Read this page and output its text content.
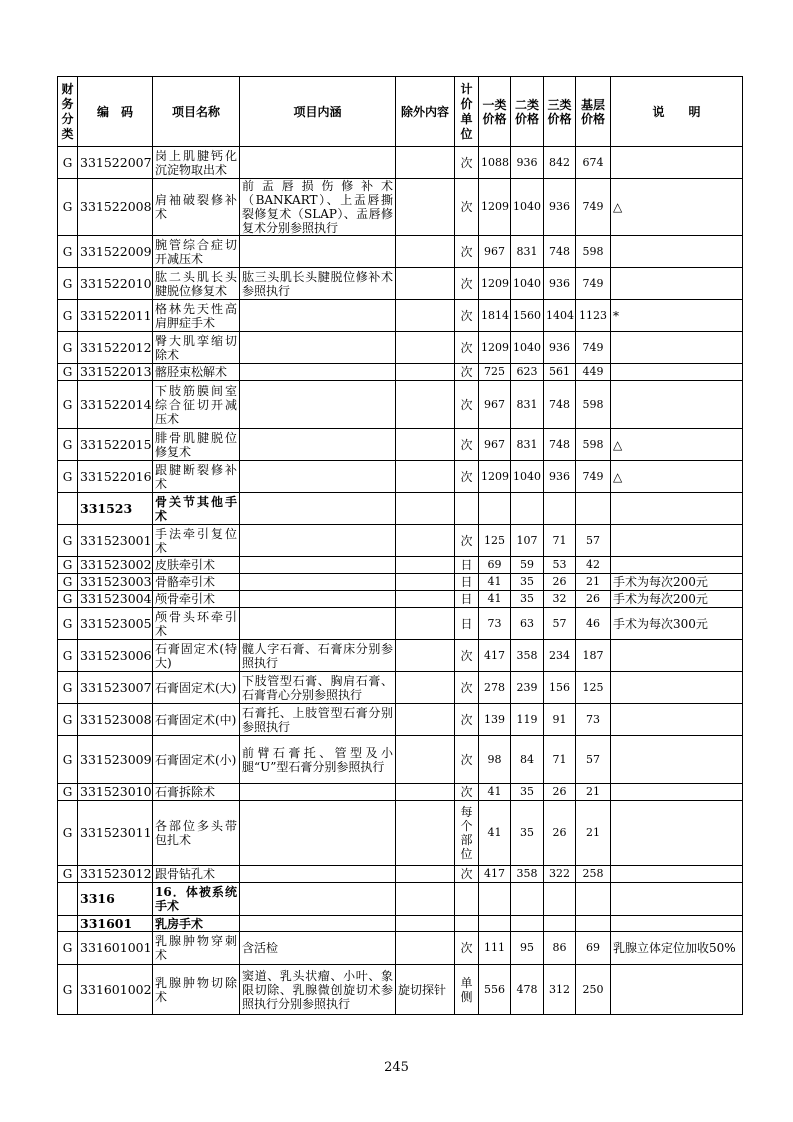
财务分类	编　码	项目名称	项目内涵	除外内容	计价单位	一类价格	二类价格	三类价格	基层价格	说　　明
G	331522007	岗上肌腱钙化沉淀物取出术			次	1088	936	842	674	
G	331522008	肩袖破裂修补术	前盂唇损伤修补术（BANKART）、上盂唇撕裂修复术（SLAP）、盂唇修复术分别参照执行		次	1209	1040	936	749	△
G	331522009	腕管综合症切开减压术			次	967	831	748	598	
G	331522010	肱二头肌长头腱脱位修复术	肱三头肌长头腱脱位修补术参照执行		次	1209	1040	936	749	
G	331522011	格林先天性高肩胛症手术			次	1814	1560	1404	1123	*
G	331522012	臀大肌挛缩切除术			次	1209	1040	936	749	
G	331522013	髂胫束松解术			次	725	623	561	449	
G	331522014	下肢筋膜间室综合征切开减压术			次	967	831	748	598	
G	331522015	腓骨肌腱脱位修复术			次	967	831	748	598	△
G	331522016	跟腱断裂修补术			次	1209	1040	936	749	△
	331523	骨关节其他手术								
G	331523001	手法牵引复位术			次	125	107	71	57	
G	331523002	皮肤牵引术			日	69	59	53	42	
G	331523003	骨骼牵引术			日	41	35	26	21	手术为每次200元
G	331523004	颅骨牵引术			日	41	35	32	26	手术为每次200元
G	331523005	颅骨头环牵引术			日	73	63	57	46	手术为每次300元
G	331523006	石膏固定术(特大)	髋人字石膏、石膏床分别参照执行		次	417	358	234	187	
G	331523007	石膏固定术(大)	下肢管型石膏、胸肩石膏、石膏背心分别参照执行		次	278	239	156	125	
G	331523008	石膏固定术(中)	石膏托、上肢管型石膏分别参照执行		次	139	119	91	73	
G	331523009	石膏固定术(小)	前臂石膏托、管型及小腿“U”型石膏分别参照执行		次	98	84	71	57	
G	331523010	石膏拆除术			次	41	35	26	21	
G	331523011	各部位多头带包扎术			每个部位	41	35	26	21	
G	331523012	跟骨钻孔术			次	417	358	322	258	
	3316	16．体被系统手术								
	331601	乳房手术								
G	331601001	乳腺肿物穿刺术	含活检		次	111	95	86	69	乳腺立体定位加收50%
G	331601002	乳腺肿物切除术	窦道、乳头状瘤、小叶、象限切除、乳腺微创旋切术参照执行分别参照执行	旋切探针	单侧	556	478	312	250	
245
